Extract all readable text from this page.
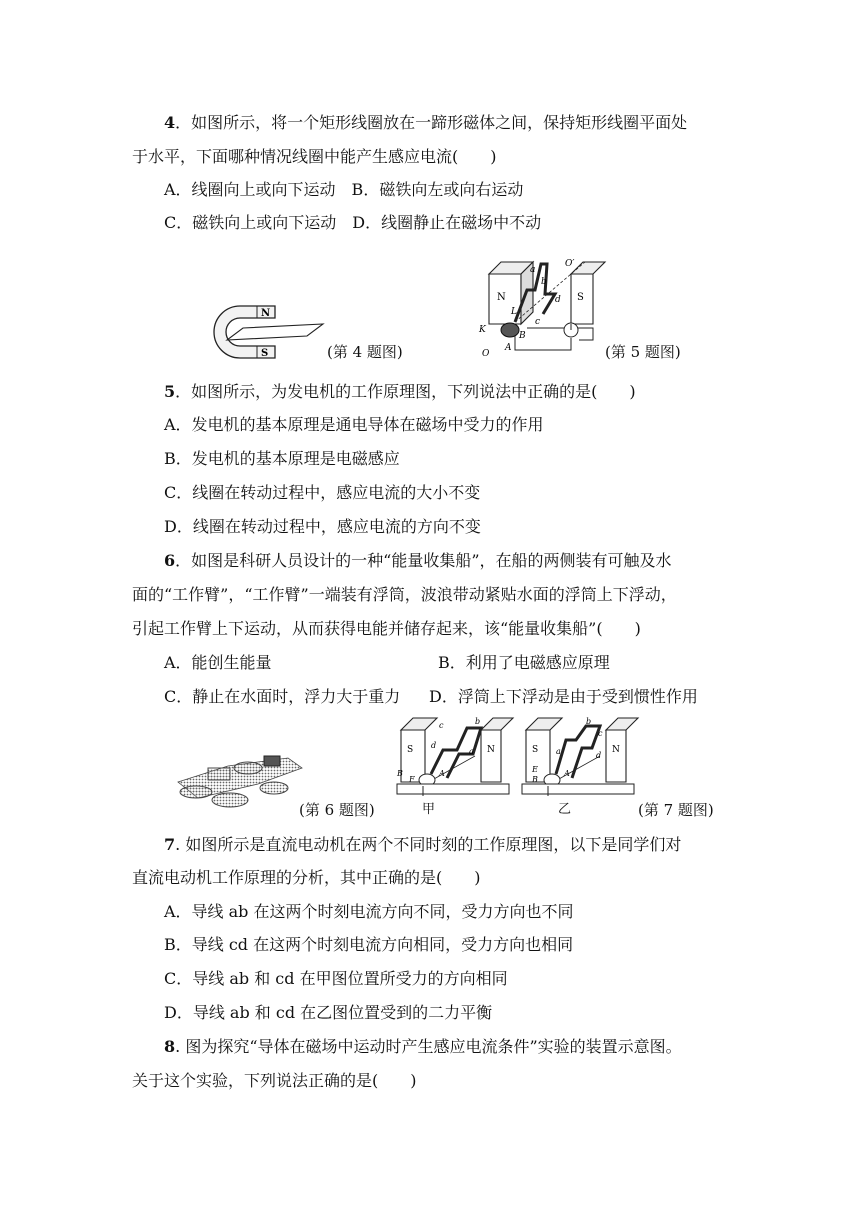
4．如图所示，将一个矩形线圈放在一蹄形磁体之间，保持矩形线圈平面处
于水平，下面哪种情况线圈中能产生感应电流(　　)
A．线圈向上或向下运动　B．磁铁向左或向右运动
C．磁铁向上或向下运动　D．线圈静止在磁场中不动
N
S	(第 4 题图)
N	S
a
b
c
d
O′
O
K
L
B
A	(第 5 题图)
5．如图所示，为发电机的工作原理图，下列说法中正确的是(　　)
A．发电机的基本原理是通电导体在磁场中受力的作用
B．发电机的基本原理是电磁感应
C．线圈在转动过程中，感应电流的大小不变
D．线圈在转动过程中，感应电流的方向不变
6．如图是科研人员设计的一种“能量收集船”，在船的两侧装有可触及水
面的“工作臂”，“工作臂”一端装有浮筒，波浪带动紧贴水面的浮筒上下浮动，
引起工作臂上下运动，从而获得电能并储存起来，该“能量收集船”(　　)
A．能创生能量	B．利用了电磁感应原理
C．静止在水面时，浮力大于重力 D．浮筒上下浮动是由于受到惯性作用
(第 6 题图)
S	N
d
c	b
a
B
F
A
甲
S	N
a
c
b
d
E
B
A
乙	(第 7 题图)
7. 如图所示是直流电动机在两个不同时刻的工作原理图，以下是同学们对
直流电动机工作原理的分析，其中正确的是(　　)
A．导线 ab 在这两个时刻电流方向不同，受力方向也不同
B．导线 cd 在这两个时刻电流方向相同，受力方向也相同
C．导线 ab 和 cd 在甲图位置所受力的方向相同
D．导线 ab 和 cd 在乙图位置受到的二力平衡
8. 图为探究“导体在磁场中运动时产生感应电流条件”实验的装置示意图。
关于这个实验，下列说法正确的是(　　)
